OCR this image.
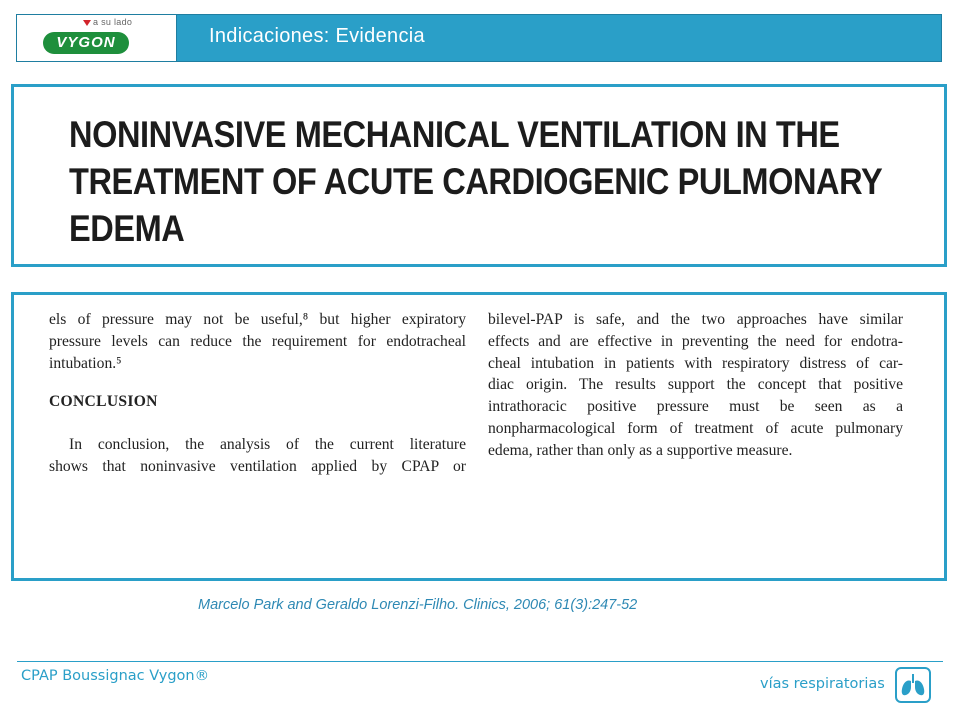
a su lado
VYGON	Indicaciones: Evidencia
NONINVASIVE MECHANICAL VENTILATION IN THE
TREATMENT OF ACUTE CARDIOGENIC PULMONARY
EDEMA
els of pressure may not be useful,⁸ but higher expiratory
pressure levels can reduce the requirement for endotracheal
intubation.⁵
CONCLUSION
In conclusion, the analysis of the current literature
shows that noninvasive ventilation applied by CPAP or
bilevel-PAP is safe, and the two approaches have similar
effects and are effective in preventing the need for endotra-
cheal intubation in patients with respiratory distress of car-
diac origin. The results support the concept that positive
intrathoracic positive pressure must be seen as a
nonpharmacological form of treatment of acute pulmonary
edema, rather than only as a supportive measure.
Marcelo Park and Geraldo Lorenzi-Filho. Clinics, 2006; 61(3):247-52
CPAP Boussignac Vygon®	vías respiratorias
